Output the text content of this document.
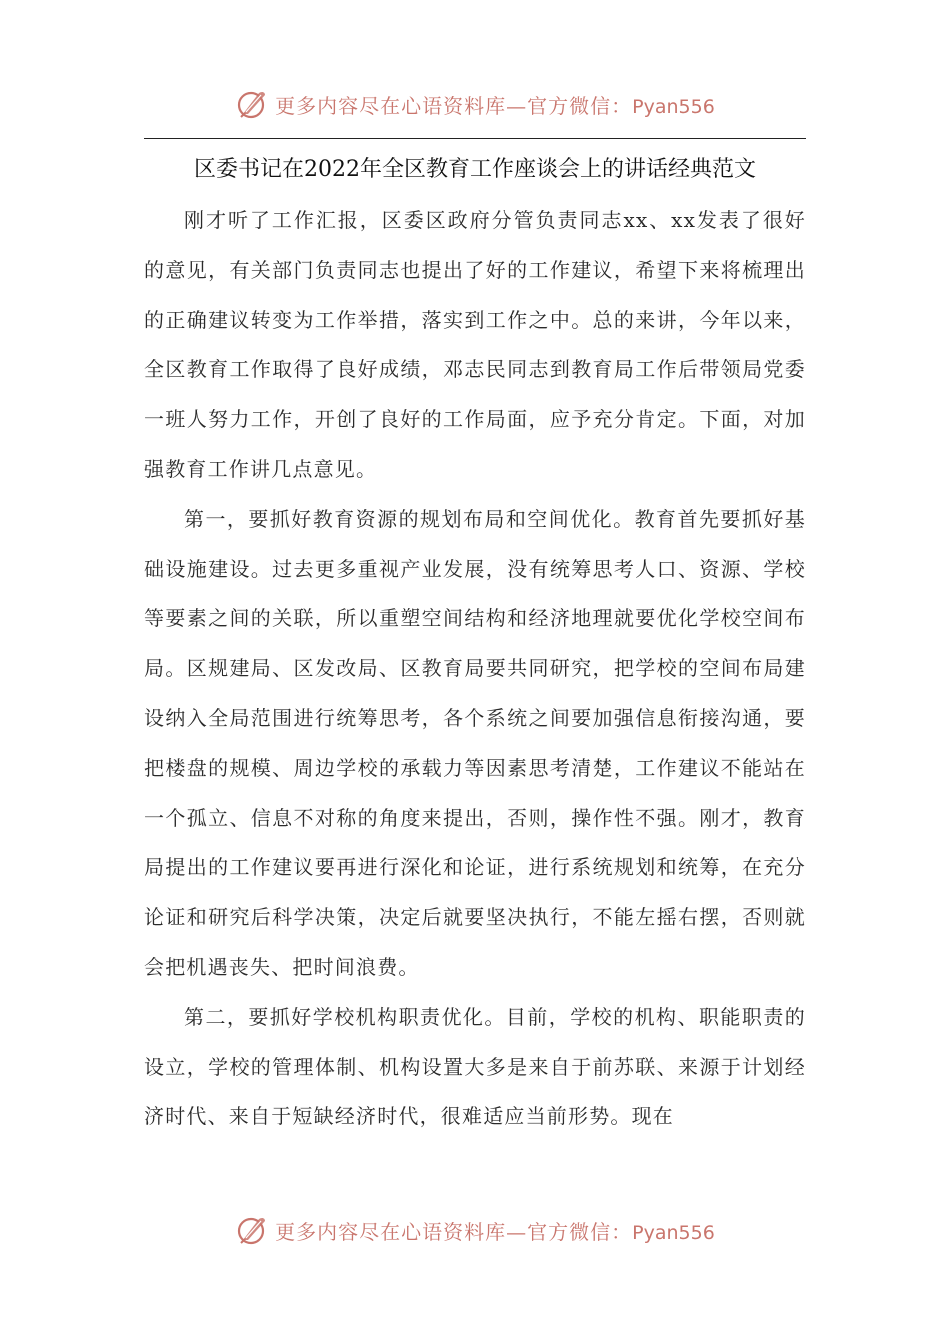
更多内容尽在心语资料库—官方微信：Pyan556
区委书记在2022年全区教育工作座谈会上的讲话经典范文

刚才听了工作汇报，区委区政府分管负责同志xx、xx发表了很好的意见，有关部门负责同志也提出了好的工作建议，希望下来将梳理出的正确建议转变为工作举措，落实到工作之中。总的来讲，今年以来，全区教育工作取得了良好成绩，邓志民同志到教育局工作后带领局党委一班人努力工作，开创了良好的工作局面，应予充分肯定。下面，对加强教育工作讲几点意见。

第一，要抓好教育资源的规划布局和空间优化。教育首先要抓好基础设施建设。过去更多重视产业发展，没有统筹思考人口、资源、学校等要素之间的关联，所以重塑空间结构和经济地理就要优化学校空间布局。区规建局、区发改局、区教育局要共同研究，把学校的空间布局建设纳入全局范围进行统筹思考，各个系统之间要加强信息衔接沟通，要把楼盘的规模、周边学校的承载力等因素思考清楚，工作建议不能站在一个孤立、信息不对称的角度来提出，否则，操作性不强。刚才，教育局提出的工作建议要再进行深化和论证，进行系统规划和统筹，在充分论证和研究后科学决策，决定后就要坚决执行，不能左摇右摆，否则就会把机遇丧失、把时间浪费。

第二，要抓好学校机构职责优化。目前，学校的机构、职能职责的设立，学校的管理体制、机构设置大多是来自于前苏联、来源于计划经济时代、来自于短缺经济时代，很难适应当前形势。现在

更多内容尽在心语资料库—官方微信：Pyan556
